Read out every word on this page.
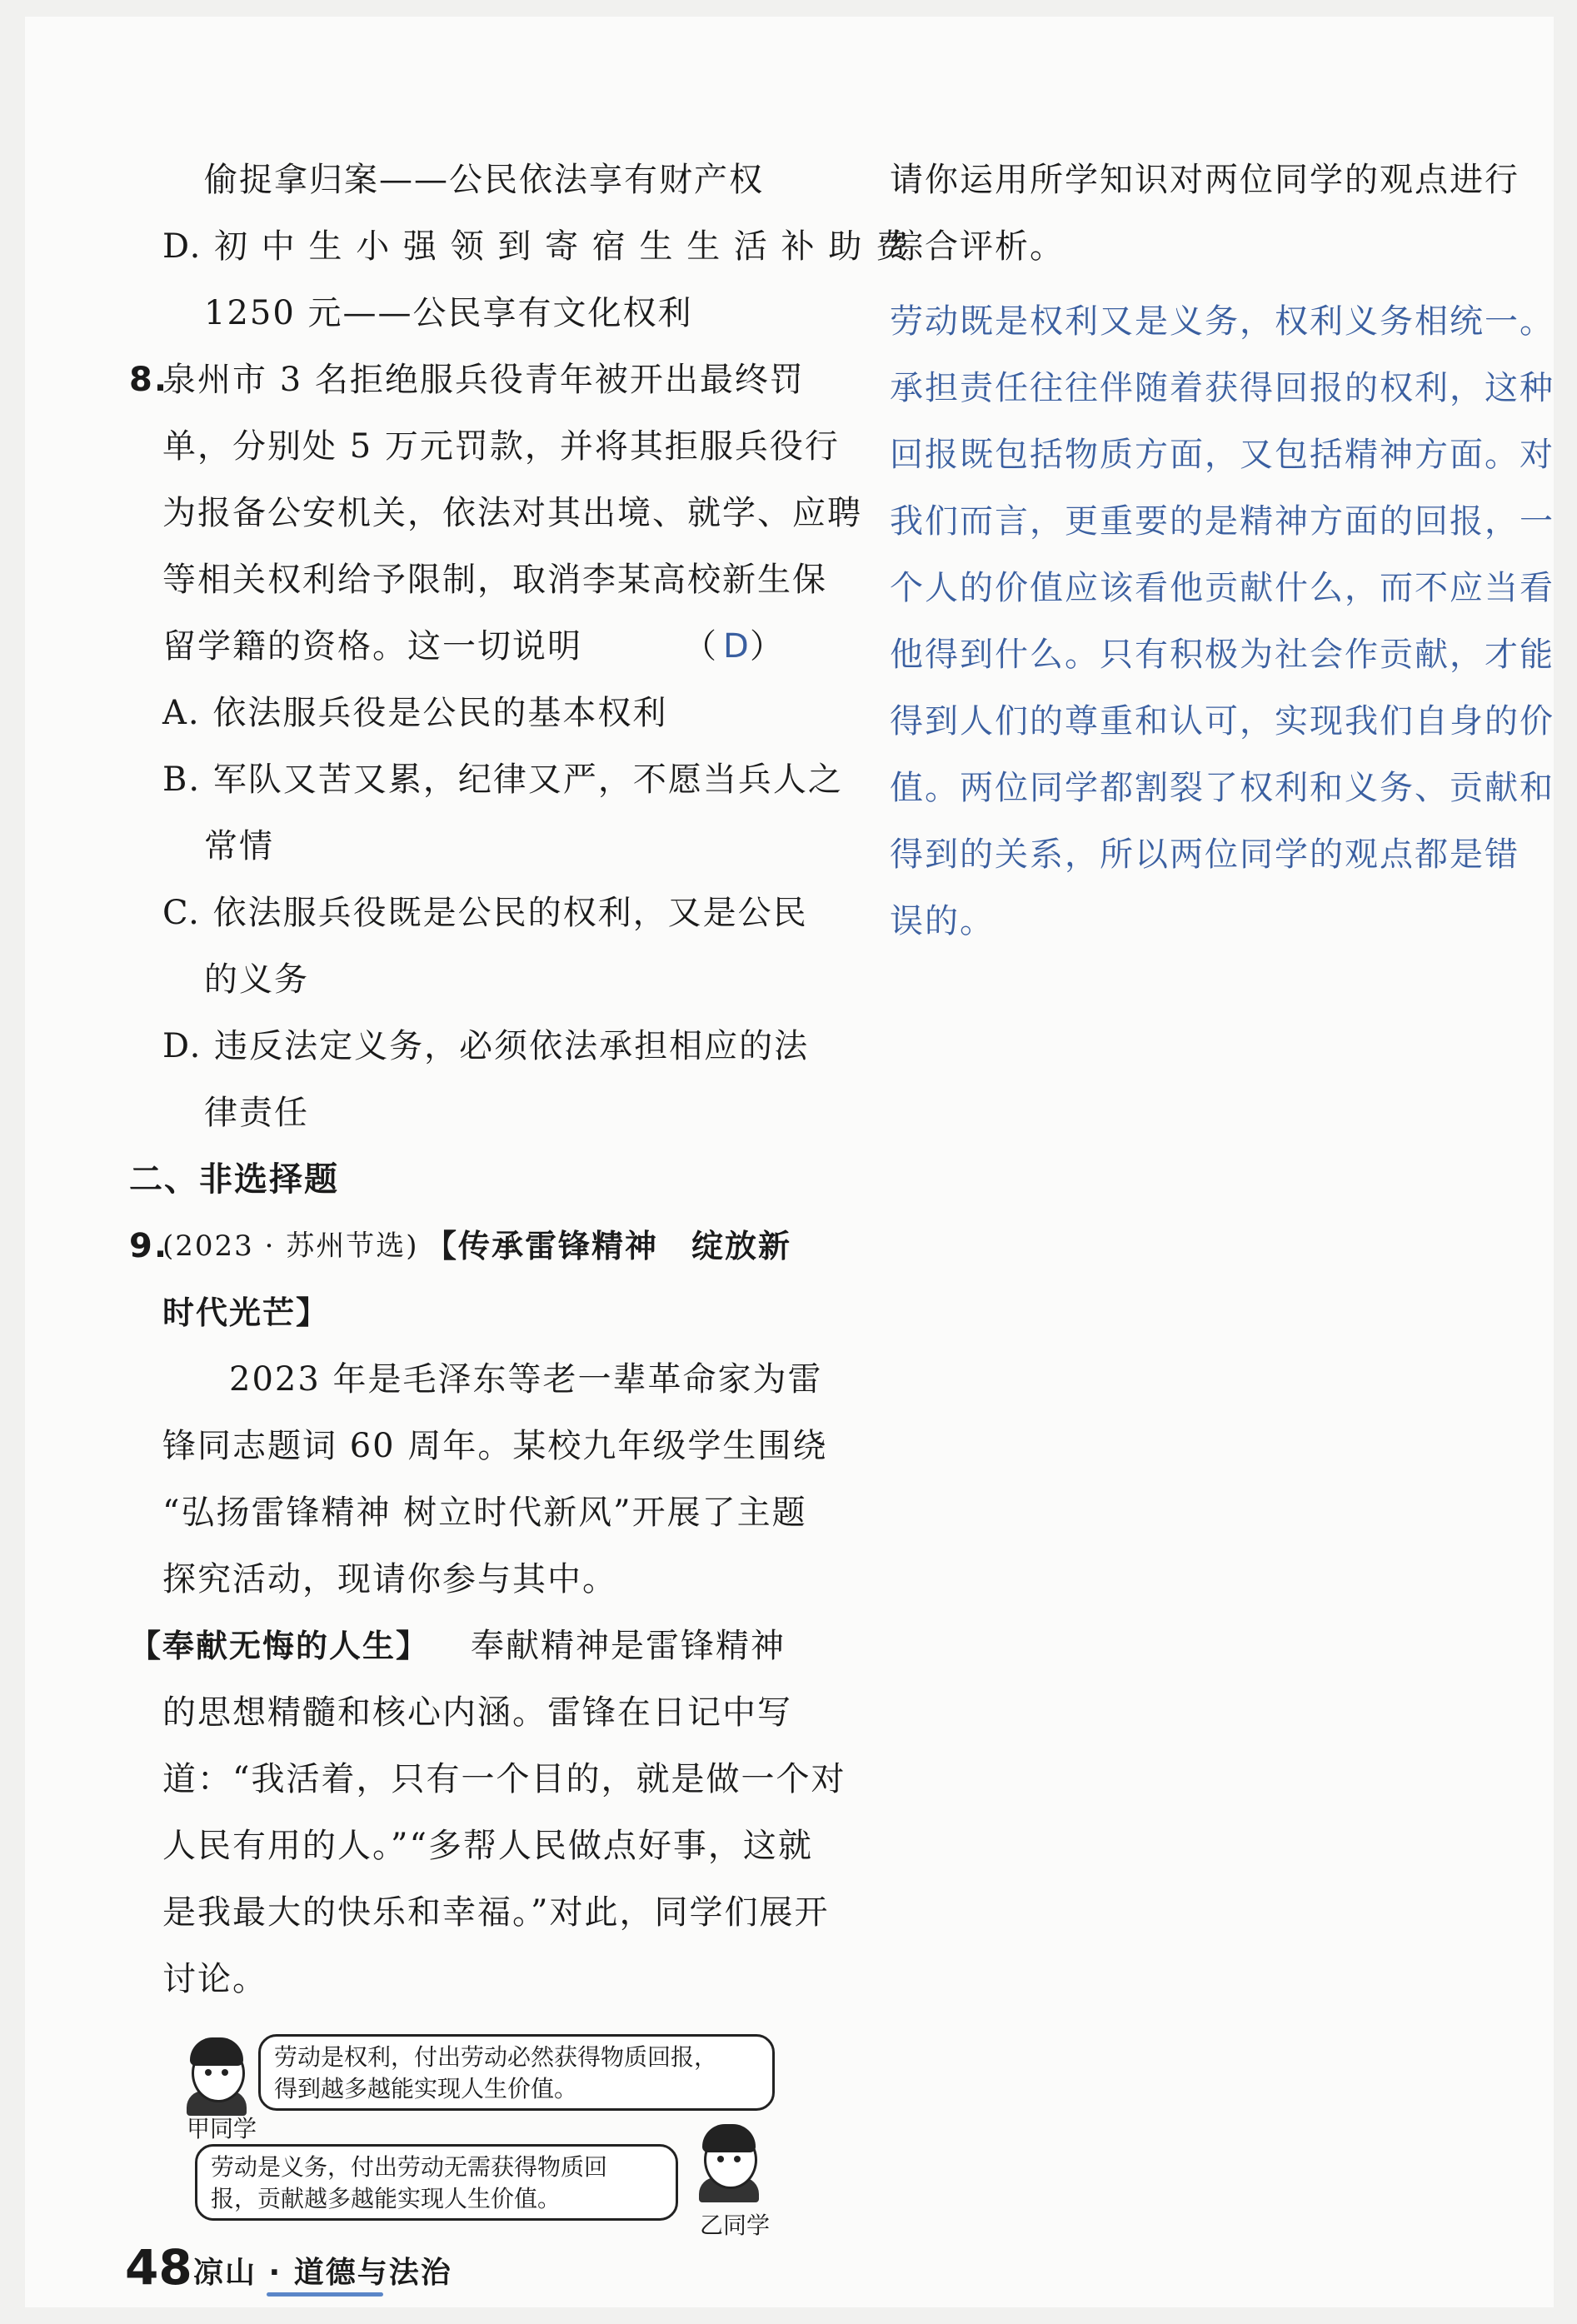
偷捉拿归案——公民依法享有财产权
D. 初 中 生 小 强 领 到 寄 宿 生 生 活 补 助 费
1250 元——公民享有文化权利
8.
泉州市 3 名拒绝服兵役青年被开出最终罚
单，分别处 5 万元罚款，并将其拒服兵役行
为报备公安机关，依法对其出境、就学、应聘
等相关权利给予限制，取消李某高校新生保
留学籍的资格。这一切说明	（ D ）
A. 依法服兵役是公民的基本权利
B. 军队又苦又累，纪律又严，不愿当兵人之
常情
C. 依法服兵役既是公民的权利，又是公民
的义务
D. 违反法定义务，必须依法承担相应的法
律责任
二、非选择题
9.
(2023 · 苏州节选) 【传承雷锋精神　绽放新
时代光芒】
2023 年是毛泽东等老一辈革命家为雷
锋同志题词 60 周年。某校九年级学生围绕
“弘扬雷锋精神 树立时代新风”开展了主题
探究活动，现请你参与其中。
【奉献无悔的人生】 奉献精神是雷锋精神
的思想精髓和核心内涵。雷锋在日记中写
道：“我活着，只有一个目的，就是做一个对
人民有用的人。”“多帮人民做点好事，这就
是我最大的快乐和幸福。”对此，同学们展开
讨论。
劳动是权利，付出劳动必然获得物质回报，
得到越多越能实现人生价值。
甲同学
劳动是义务，付出劳动无需获得物质回
报，贡献越多越能实现人生价值。
乙同学
请你运用所学知识对两位同学的观点进行
综合评析。
劳动既是权利又是义务，权利义务相统一。
承担责任往往伴随着获得回报的权利，这种
回报既包括物质方面，又包括精神方面。对
我们而言，更重要的是精神方面的回报，一
个人的价值应该看他贡献什么，而不应当看
他得到什么。只有积极为社会作贡献，才能
得到人们的尊重和认可，实现我们自身的价
值。两位同学都割裂了权利和义务、贡献和
得到的关系，所以两位同学的观点都是错
误的。
48 凉山 · 道德与法治
